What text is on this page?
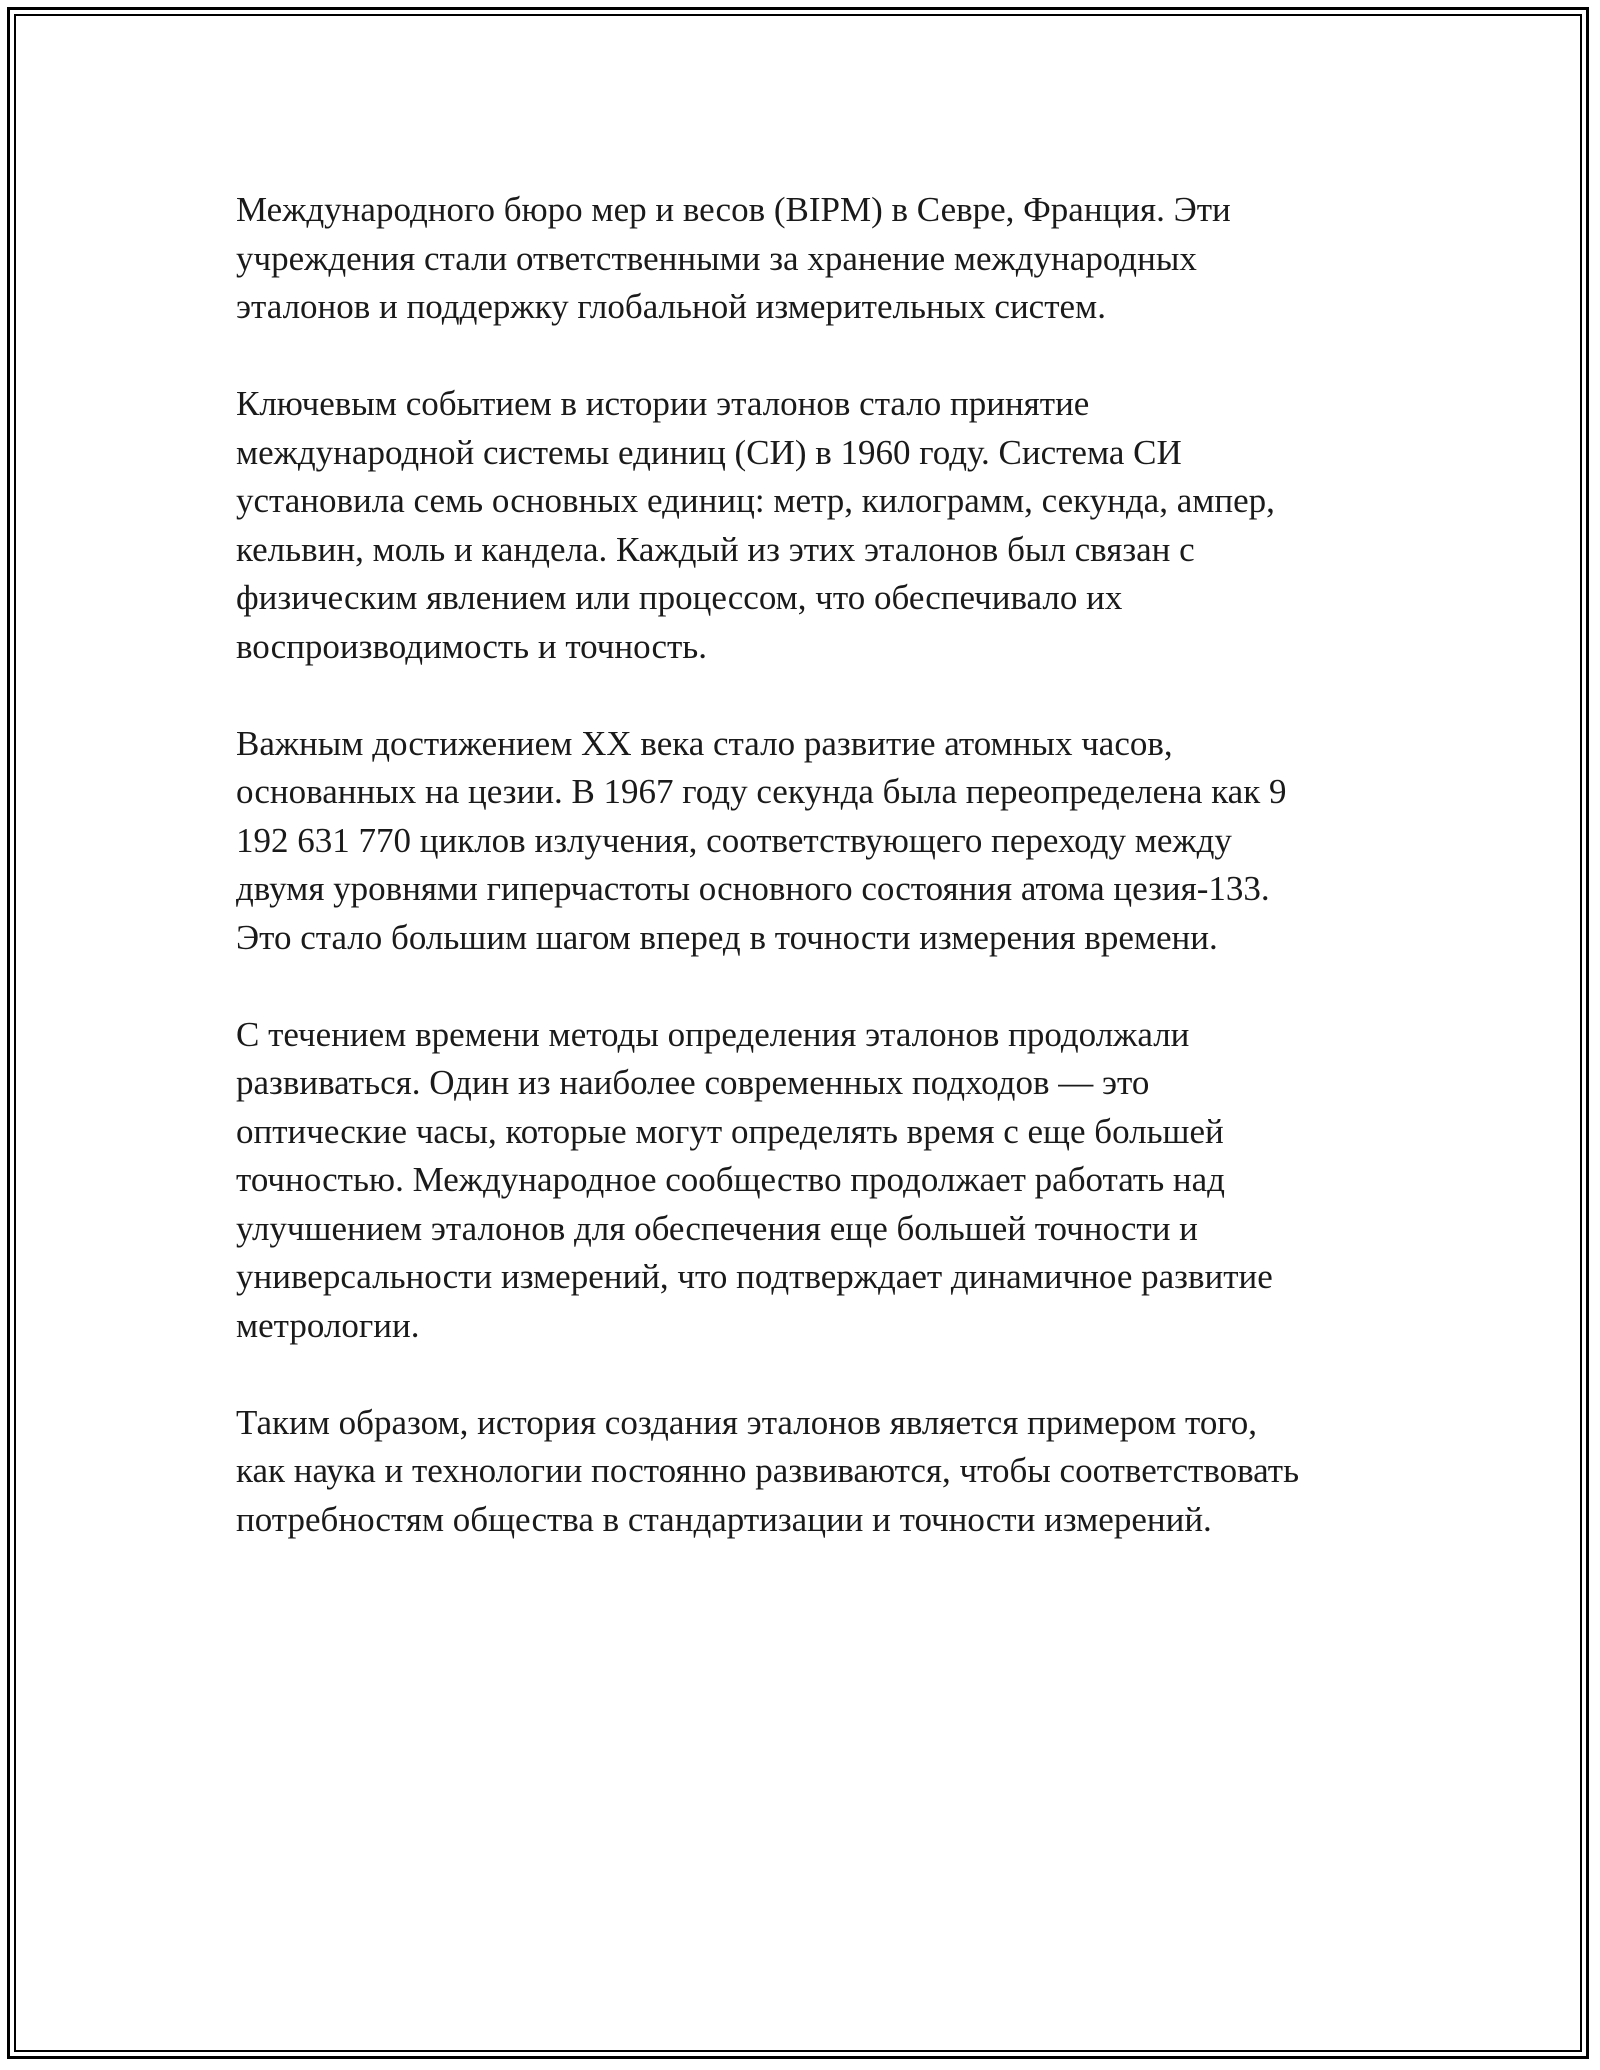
Международного бюро мер и весов (BIPM) в Севре, Франция. Эти
учреждения стали ответственными за хранение международных
эталонов и поддержку глобальной измерительных систем.

Ключевым событием в истории эталонов стало принятие
международной системы единиц (СИ) в 1960 году. Система СИ
установила семь основных единиц: метр, килограмм, секунда, ампер,
кельвин, моль и кандела. Каждый из этих эталонов был связан с
физическим явлением или процессом, что обеспечивало их
воспроизводимость и точность.

Важным достижением XX века стало развитие атомных часов,
основанных на цезии. В 1967 году секунда была переопределена как 9
192 631 770 циклов излучения, соответствующего переходу между
двумя уровнями гиперчастоты основного состояния атома цезия-133.
Это стало большим шагом вперед в точности измерения времени.

С течением времени методы определения эталонов продолжали
развиваться. Один из наиболее современных подходов — это
оптические часы, которые могут определять время с еще большей
точностью. Международное сообщество продолжает работать над
улучшением эталонов для обеспечения еще большей точности и
универсальности измерений, что подтверждает динамичное развитие
метрологии.

Таким образом, история создания эталонов является примером того,
как наука и технологии постоянно развиваются, чтобы соответствовать
потребностям общества в стандартизации и точности измерений.
